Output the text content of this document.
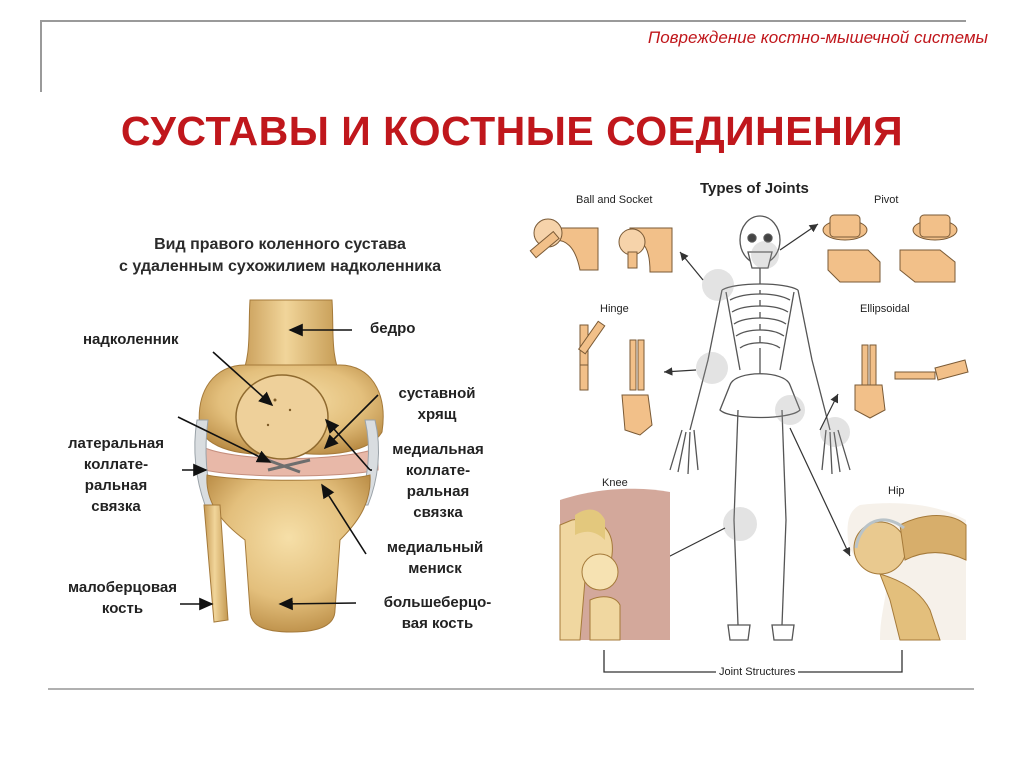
Повреждение костно-мышечной системы
СУСТАВЫ И КОСТНЫЕ СОЕДИНЕНИЯ
Вид правого коленного сустава
с удаленным сухожилием надколенника
надколенник
бедро
суставной
хрящ
латеральная
коллате-
ральная
связка
медиальная
коллате-
ральная
связка
медиальный
мениск
малоберцовая
кость	большеберцо-
вая кость
Types of Joints
Ball and Socket	Pivot
Hinge	Ellipsoidal
Knee
Hip
Joint Structures
